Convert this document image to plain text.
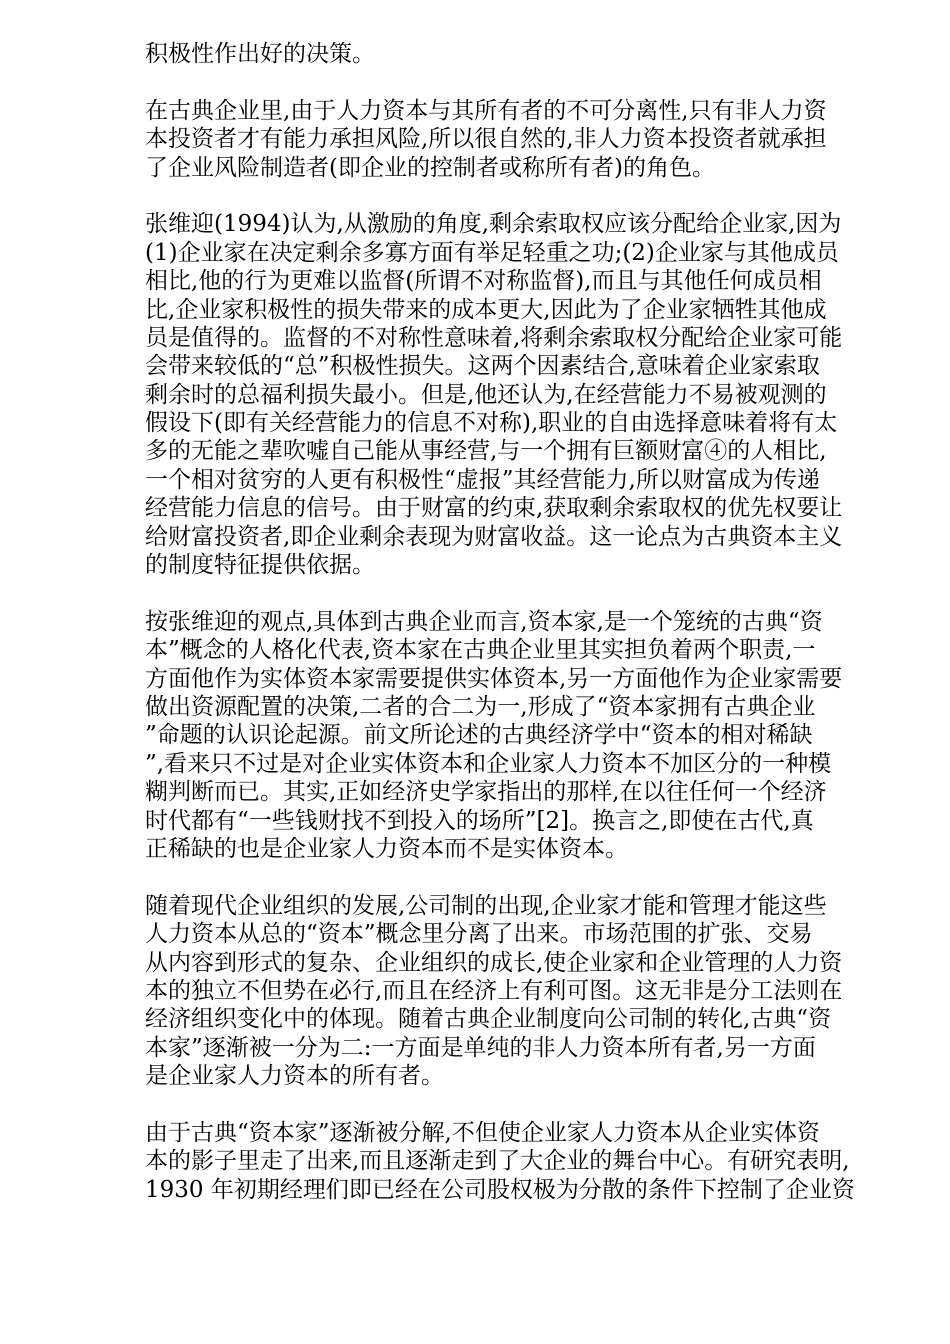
积极性作出好的决策。
在古典企业里,由于人力资本与其所有者的不可分离性,只有非人力资
本投资者才有能力承担风险,所以很自然的,非人力资本投资者就承担
了企业风险制造者(即企业的控制者或称所有者)的角色。
张维迎(1994)认为,从激励的角度,剩余索取权应该分配给企业家,因为
(1)企业家在决定剩余多寡方面有举足轻重之功;(2)企业家与其他成员
相比,他的行为更难以监督(所谓不对称监督),而且与其他任何成员相
比,企业家积极性的损失带来的成本更大,因此为了企业家牺牲其他成
员是值得的。监督的不对称性意味着,将剩余索取权分配给企业家可能
会带来较低的“总”积极性损失。这两个因素结合,意味着企业家索取
剩余时的总福利损失最小。但是,他还认为,在经营能力不易被观测的
假设下(即有关经营能力的信息不对称),职业的自由选择意味着将有太
多的无能之辈吹嘘自己能从事经营,与一个拥有巨额财富④的人相比,
一个相对贫穷的人更有积极性“虚报”其经营能力,所以财富成为传递
经营能力信息的信号。由于财富的约束,获取剩余索取权的优先权要让
给财富投资者,即企业剩余表现为财富收益。这一论点为古典资本主义
的制度特征提供依据。
按张维迎的观点,具体到古典企业而言,资本家,是一个笼统的古典“资
本”概念的人格化代表,资本家在古典企业里其实担负着两个职责,一
方面他作为实体资本家需要提供实体资本,另一方面他作为企业家需要
做出资源配置的决策,二者的合二为一,形成了“资本家拥有古典企业
”命题的认识论起源。前文所论述的古典经济学中“资本的相对稀缺
”,看来只不过是对企业实体资本和企业家人力资本不加区分的一种模
糊判断而已。其实,正如经济史学家指出的那样,在以往任何一个经济
时代都有“一些钱财找不到投入的场所”[2]。换言之,即使在古代,真
正稀缺的也是企业家人力资本而不是实体资本。
随着现代企业组织的发展,公司制的出现,企业家才能和管理才能这些
人力资本从总的“资本”概念里分离了出来。市场范围的扩张、交易
从内容到形式的复杂、企业组织的成长,使企业家和企业管理的人力资
本的独立不但势在必行,而且在经济上有利可图。这无非是分工法则在
经济组织变化中的体现。随着古典企业制度向公司制的转化,古典“资
本家”逐渐被一分为二:一方面是单纯的非人力资本所有者,另一方面
是企业家人力资本的所有者。
由于古典“资本家”逐渐被分解,不但使企业家人力资本从企业实体资
本的影子里走了出来,而且逐渐走到了大企业的舞台中心。有研究表明,
1930 年初期经理们即已经在公司股权极为分散的条件下控制了企业资
